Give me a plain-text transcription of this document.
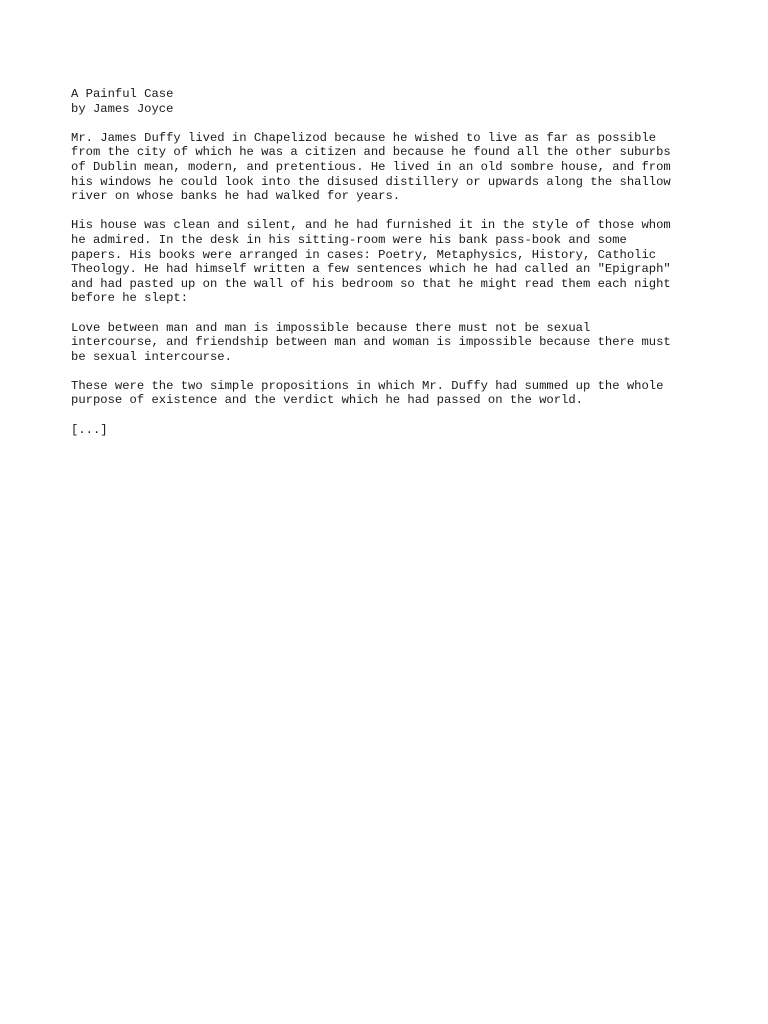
A Painful Case
by James Joyce
Mr. James Duffy lived in Chapelizod because he wished to live as far as possible
from the city of which he was a citizen and because he found all the other suburbs
of Dublin mean, modern, and pretentious. He lived in an old sombre house, and from
his windows he could look into the disused distillery or upwards along the shallow
river on whose banks he had walked for years.
His house was clean and silent, and he had furnished it in the style of those whom
he admired. In the desk in his sitting-room were his bank pass-book and some
papers. His books were arranged in cases: Poetry, Metaphysics, History, Catholic
Theology. He had himself written a few sentences which he had called an "Epigraph"
and had pasted up on the wall of his bedroom so that he might read them each night
before he slept:
Love between man and man is impossible because there must not be sexual
intercourse, and friendship between man and woman is impossible because there must
be sexual intercourse.
These were the two simple propositions in which Mr. Duffy had summed up the whole
purpose of existence and the verdict which he had passed on the world.
[...]
